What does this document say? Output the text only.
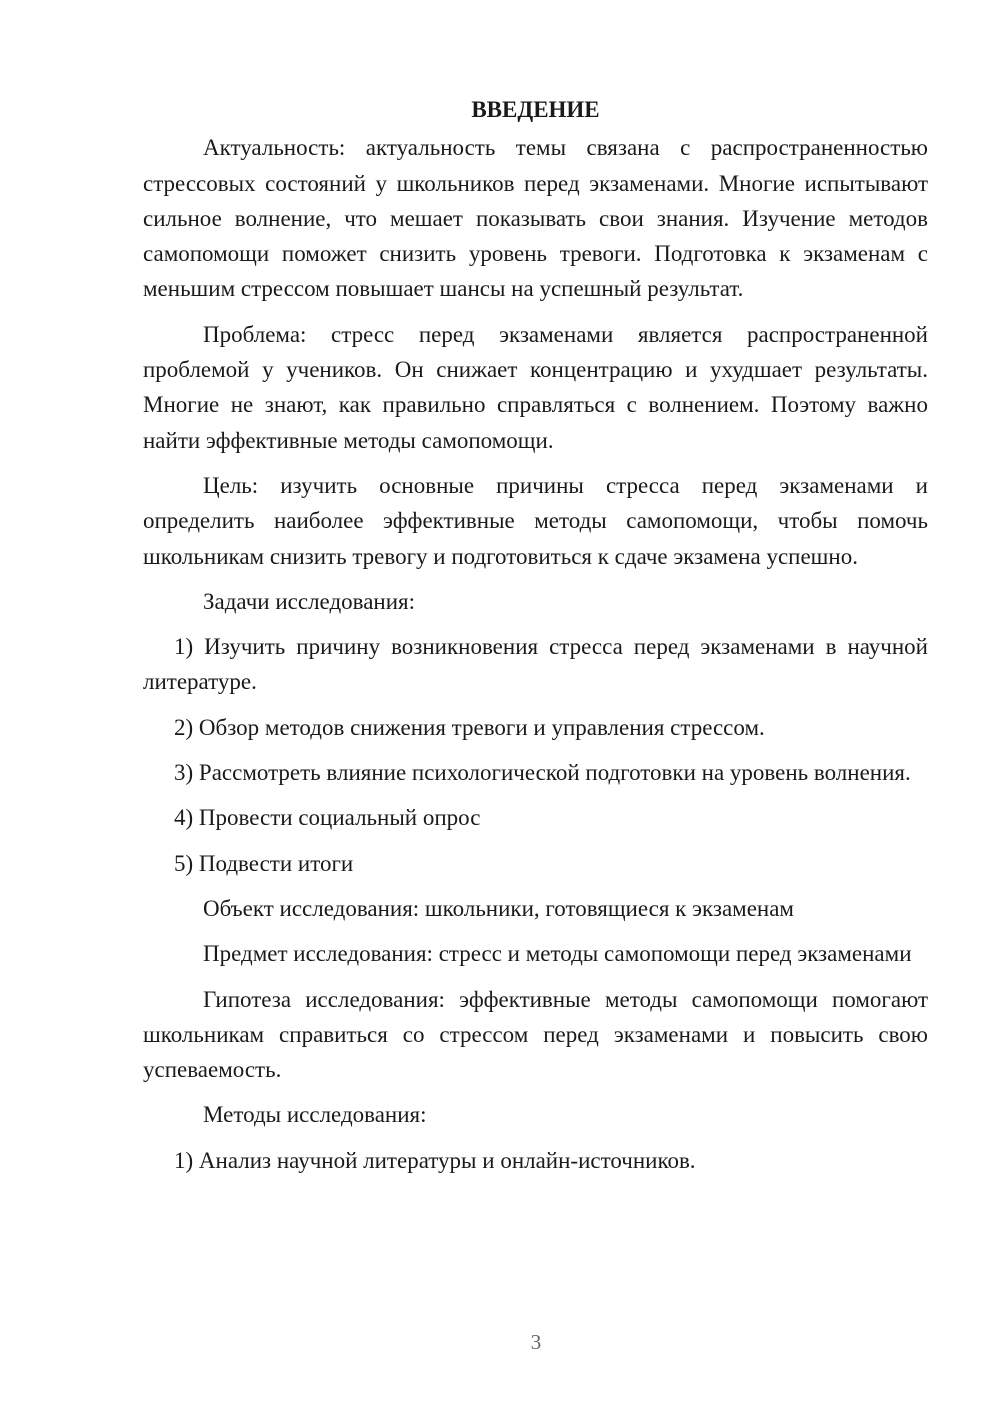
ВВЕДЕНИЕ

Актуальность: актуальность темы связана с распространенностью стрессовых состояний у школьников перед экзаменами. Многие испытывают сильное волнение, что мешает показывать свои знания. Изучение методов самопомощи поможет снизить уровень тревоги. Подготовка к экзаменам с меньшим стрессом повышает шансы на успешный результат.

Проблема: стресс перед экзаменами является распространенной проблемой у учеников. Он снижает концентрацию и ухудшает результаты. Многие не знают, как правильно справляться с волнением. Поэтому важно найти эффективные методы самопомощи.

Цель: изучить основные причины стресса перед экзаменами и определить наиболее эффективные методы самопомощи, чтобы помочь школьникам снизить тревогу и подготовиться к сдаче экзамена успешно.

Задачи исследования:

1) Изучить причину возникновения стресса перед экзаменами в научной литературе.

2) Обзор методов снижения тревоги и управления стрессом.

3) Рассмотреть влияние психологической подготовки на уровень волнения.

4) Провести социальный опрос

5) Подвести итоги

Объект исследования: школьники, готовящиеся к экзаменам

Предмет исследования: стресс и методы самопомощи перед экзаменами

Гипотеза исследования: эффективные методы самопомощи помогают школьникам справиться со стрессом перед экзаменами и повысить свою успеваемость.

Методы исследования:

1) Анализ научной литературы и онлайн-источников.

3
